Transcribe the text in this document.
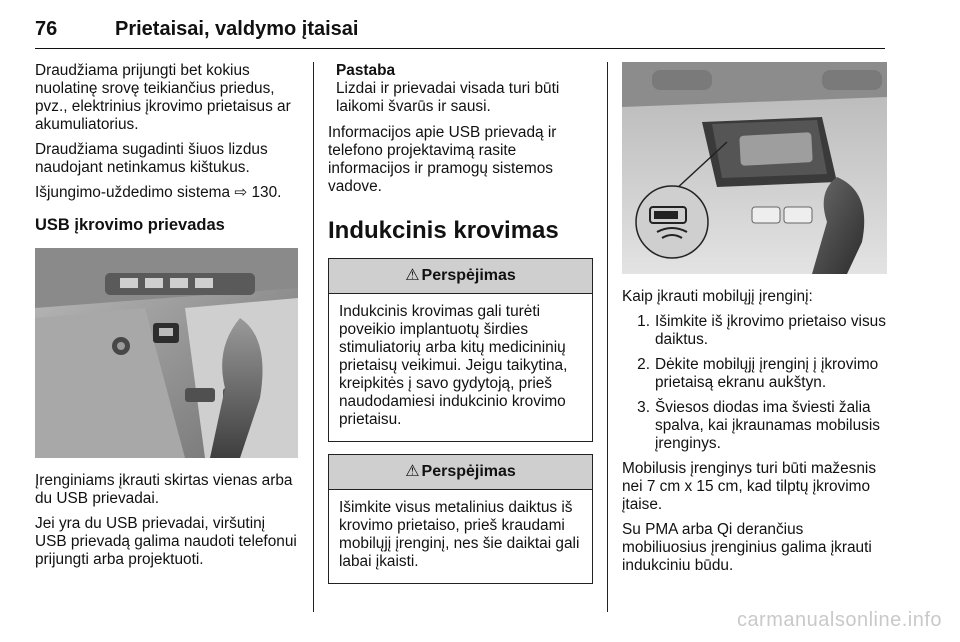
76	Prietaisai, valdymo įtaisai

Draudžiama prijungti bet kokius nuolatinę srovę teikiančius priedus, pvz., elektrinius įkrovimo prietaisus ar akumuliatorius.

Draudžiama sugadinti šiuos lizdus naudojant netinkamus kištukus.

Išjungimo-uždedimo sistema ⇨ 130.

USB įkrovimo prievadas

Įrenginiams įkrauti skirtas vienas arba du USB prievadai.

Jei yra du USB prievadai, viršutinį USB prievadą galima naudoti telefonui prijungti arba projektuoti.

Pastaba
Lizdai ir prievadai visada turi būti laikomi švarūs ir sausi.

Informacijos apie USB prievadą ir telefono projektavimą rasite informacijos ir pramogų sistemos vadove.

Indukcinis krovimas
⚠ Perspėjimas
Indukcinis krovimas gali turėti poveikio implantuotų širdies stimuliatorių arba kitų medicininių prietaisų veikimui. Jeigu taikytina, kreipkitės į savo gydytoją, prieš naudodamiesi indukcinio krovimo prietaisu.
⚠ Perspėjimas
Išimkite visus metalinius daiktus iš krovimo prietaiso, prieš kraudami mobilųjį įrenginį, nes šie daiktai gali labai įkaisti.

Kaip įkrauti mobilųjį įrenginį:

1. Išimkite iš įkrovimo prietaiso visus daiktus.
2. Dėkite mobilųjį įrenginį į įkrovimo prietaisą ekranu aukštyn.
3. Šviesos diodas ima šviesti žalia spalva, kai įkraunamas mobilusis įrenginys.

Mobilusis įrenginys turi būti mažesnis nei 7 cm x 15 cm, kad tilptų įkrovimo įtaise.

Su PMA arba Qi derančius mobiliuosius įrenginius galima įkrauti indukciniu būdu.

carmanualsonline.info
